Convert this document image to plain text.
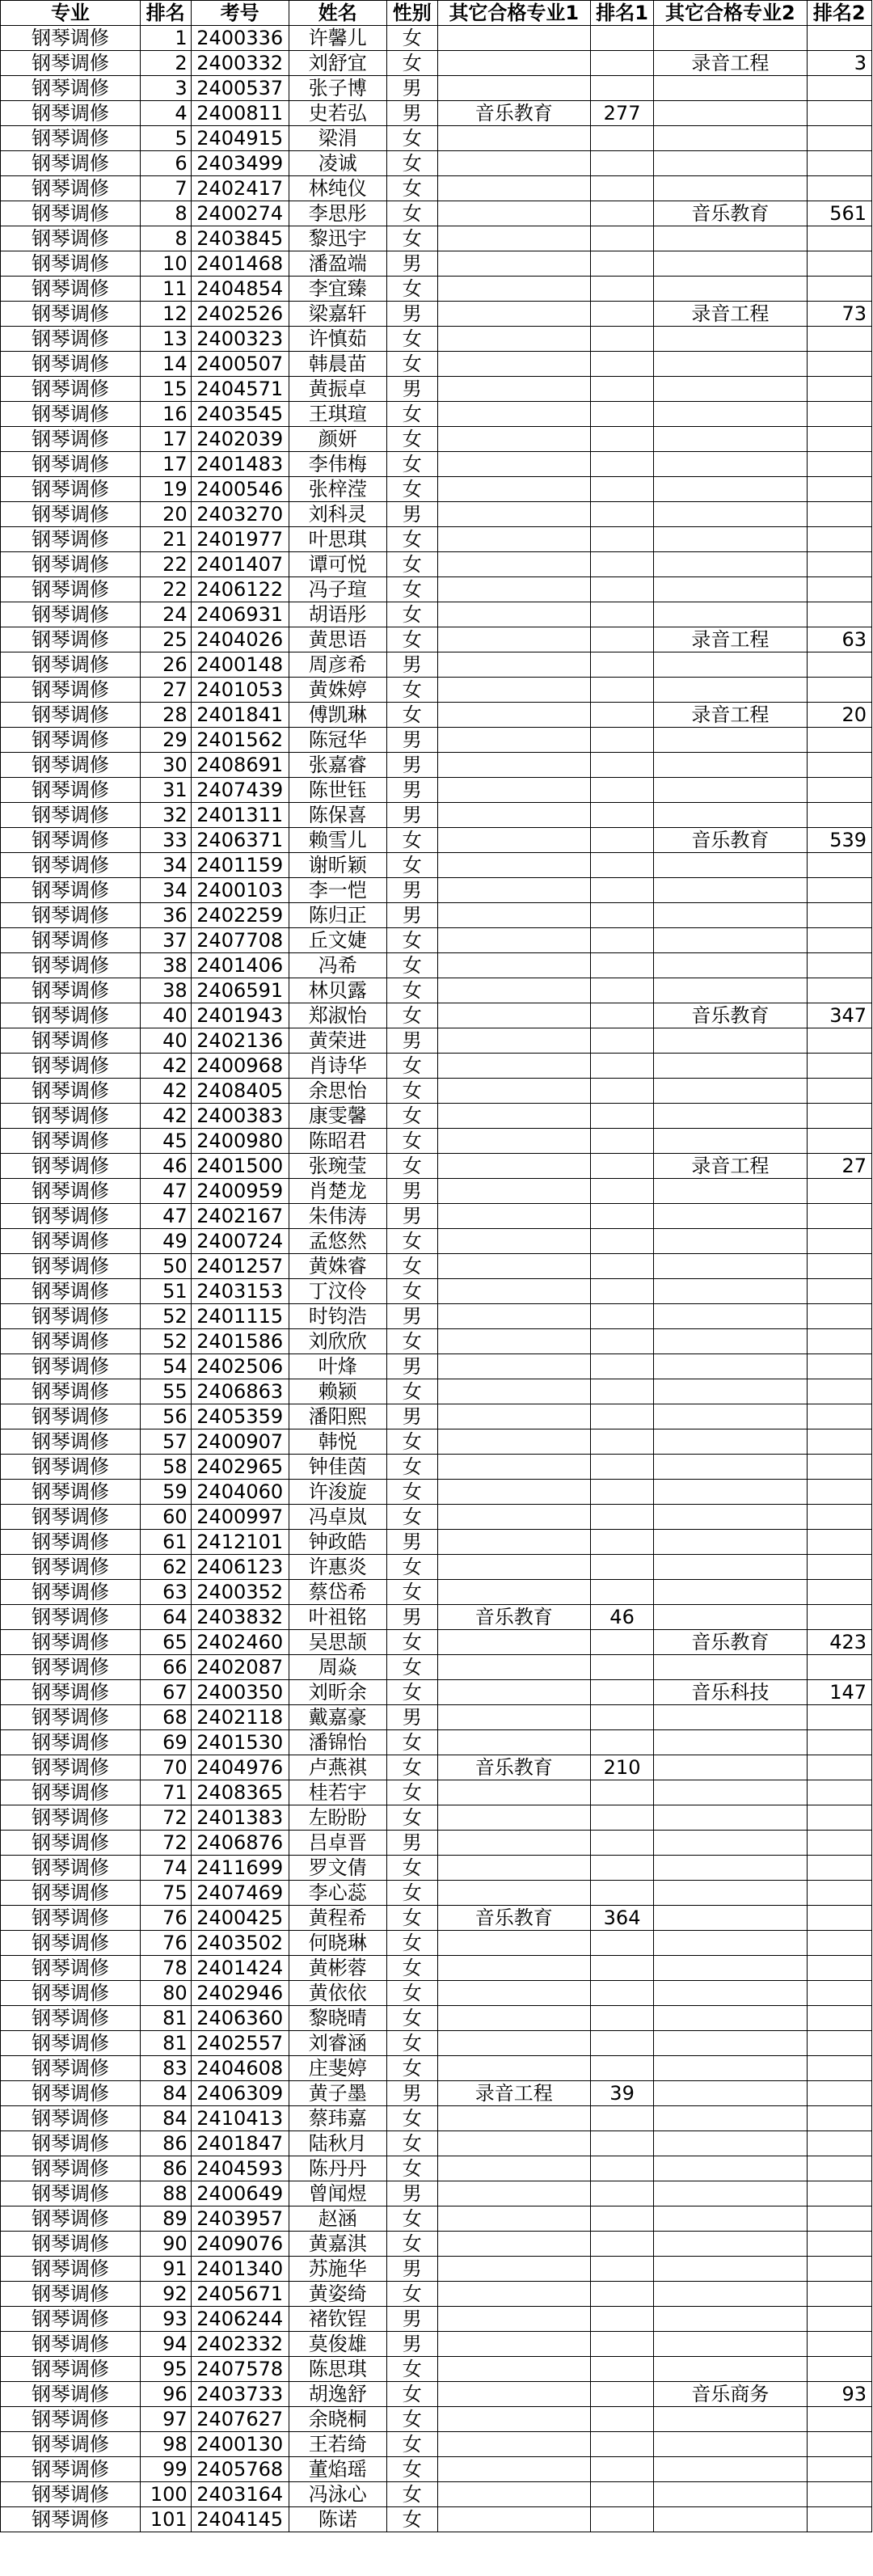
专业	排名	考号	姓名	性别	其它合格专业1	排名1	其它合格专业2	排名2
钢琴调修	1	2400336	许馨儿	女				
钢琴调修	2	2400332	刘舒宜	女			录音工程	3
钢琴调修	3	2400537	张子博	男				
钢琴调修	4	2400811	史若弘	男	音乐教育	277		
钢琴调修	5	2404915	梁涓	女				
钢琴调修	6	2403499	凌诚	女				
钢琴调修	7	2402417	林纯仪	女				
钢琴调修	8	2400274	李思彤	女			音乐教育	561
钢琴调修	8	2403845	黎迅宇	女				
钢琴调修	10	2401468	潘盈端	男				
钢琴调修	11	2404854	李宜臻	女				
钢琴调修	12	2402526	梁嘉轩	男			录音工程	73
钢琴调修	13	2400323	许慎茹	女				
钢琴调修	14	2400507	韩晨苗	女				
钢琴调修	15	2404571	黄振卓	男				
钢琴调修	16	2403545	王琪瑄	女				
钢琴调修	17	2402039	颜妍	女				
钢琴调修	17	2401483	李伟梅	女				
钢琴调修	19	2400546	张梓滢	女				
钢琴调修	20	2403270	刘科灵	男				
钢琴调修	21	2401977	叶思琪	女				
钢琴调修	22	2401407	谭可悦	女				
钢琴调修	22	2406122	冯子瑄	女				
钢琴调修	24	2406931	胡语彤	女				
钢琴调修	25	2404026	黄思语	女			录音工程	63
钢琴调修	26	2400148	周彦希	男				
钢琴调修	27	2401053	黄姝婷	女				
钢琴调修	28	2401841	傅凯琳	女			录音工程	20
钢琴调修	29	2401562	陈冠华	男				
钢琴调修	30	2408691	张嘉睿	男				
钢琴调修	31	2407439	陈世钰	男				
钢琴调修	32	2401311	陈保喜	男				
钢琴调修	33	2406371	赖雪儿	女			音乐教育	539
钢琴调修	34	2401159	谢昕颖	女				
钢琴调修	34	2400103	李一恺	男				
钢琴调修	36	2402259	陈归正	男				
钢琴调修	37	2407708	丘文婕	女				
钢琴调修	38	2401406	冯希	女				
钢琴调修	38	2406591	林贝露	女				
钢琴调修	40	2401943	郑淑怡	女			音乐教育	347
钢琴调修	40	2402136	黄荣进	男				
钢琴调修	42	2400968	肖诗华	女				
钢琴调修	42	2408405	余思怡	女				
钢琴调修	42	2400383	康雯馨	女				
钢琴调修	45	2400980	陈昭君	女				
钢琴调修	46	2401500	张琬莹	女			录音工程	27
钢琴调修	47	2400959	肖楚龙	男				
钢琴调修	47	2402167	朱伟涛	男				
钢琴调修	49	2400724	孟悠然	女				
钢琴调修	50	2401257	黄姝睿	女				
钢琴调修	51	2403153	丁汶伶	女				
钢琴调修	52	2401115	时钧浩	男				
钢琴调修	52	2401586	刘欣欣	女				
钢琴调修	54	2402506	叶烽	男				
钢琴调修	55	2406863	赖颍	女				
钢琴调修	56	2405359	潘阳熙	男				
钢琴调修	57	2400907	韩悦	女				
钢琴调修	58	2402965	钟佳茵	女				
钢琴调修	59	2404060	许浚旋	女				
钢琴调修	60	2400997	冯卓岚	女				
钢琴调修	61	2412101	钟政皓	男				
钢琴调修	62	2406123	许惠炎	女				
钢琴调修	63	2400352	蔡岱希	女				
钢琴调修	64	2403832	叶祖铭	男	音乐教育	46		
钢琴调修	65	2402460	吴思颉	女			音乐教育	423
钢琴调修	66	2402087	周焱	女				
钢琴调修	67	2400350	刘昕余	女			音乐科技	147
钢琴调修	68	2402118	戴嘉豪	男				
钢琴调修	69	2401530	潘锦怡	女				
钢琴调修	70	2404976	卢燕祺	女	音乐教育	210		
钢琴调修	71	2408365	桂若宇	女				
钢琴调修	72	2401383	左盼盼	女				
钢琴调修	72	2406876	吕卓晋	男				
钢琴调修	74	2411699	罗文倩	女				
钢琴调修	75	2407469	李心蕊	女				
钢琴调修	76	2400425	黄程希	女	音乐教育	364		
钢琴调修	76	2403502	何晓琳	女				
钢琴调修	78	2401424	黄彬蓉	女				
钢琴调修	80	2402946	黄依依	女				
钢琴调修	81	2406360	黎晓晴	女				
钢琴调修	81	2402557	刘睿涵	女				
钢琴调修	83	2404608	庄斐婷	女				
钢琴调修	84	2406309	黄子墨	男	录音工程	39		
钢琴调修	84	2410413	蔡玮嘉	女				
钢琴调修	86	2401847	陆秋月	女				
钢琴调修	86	2404593	陈丹丹	女				
钢琴调修	88	2400649	曾闻煜	男				
钢琴调修	89	2403957	赵涵	女				
钢琴调修	90	2409076	黄嘉淇	女				
钢琴调修	91	2401340	苏施华	男				
钢琴调修	92	2405671	黄姿绮	女				
钢琴调修	93	2406244	褚钦锃	男				
钢琴调修	94	2402332	莫俊雄	男				
钢琴调修	95	2407578	陈思琪	女				
钢琴调修	96	2403733	胡逸舒	女			音乐商务	93
钢琴调修	97	2407627	余晓桐	女				
钢琴调修	98	2400130	王若绮	女				
钢琴调修	99	2405768	董焰瑶	女				
钢琴调修	100	2403164	冯泳心	女				
钢琴调修	101	2404145	陈诺	女				
